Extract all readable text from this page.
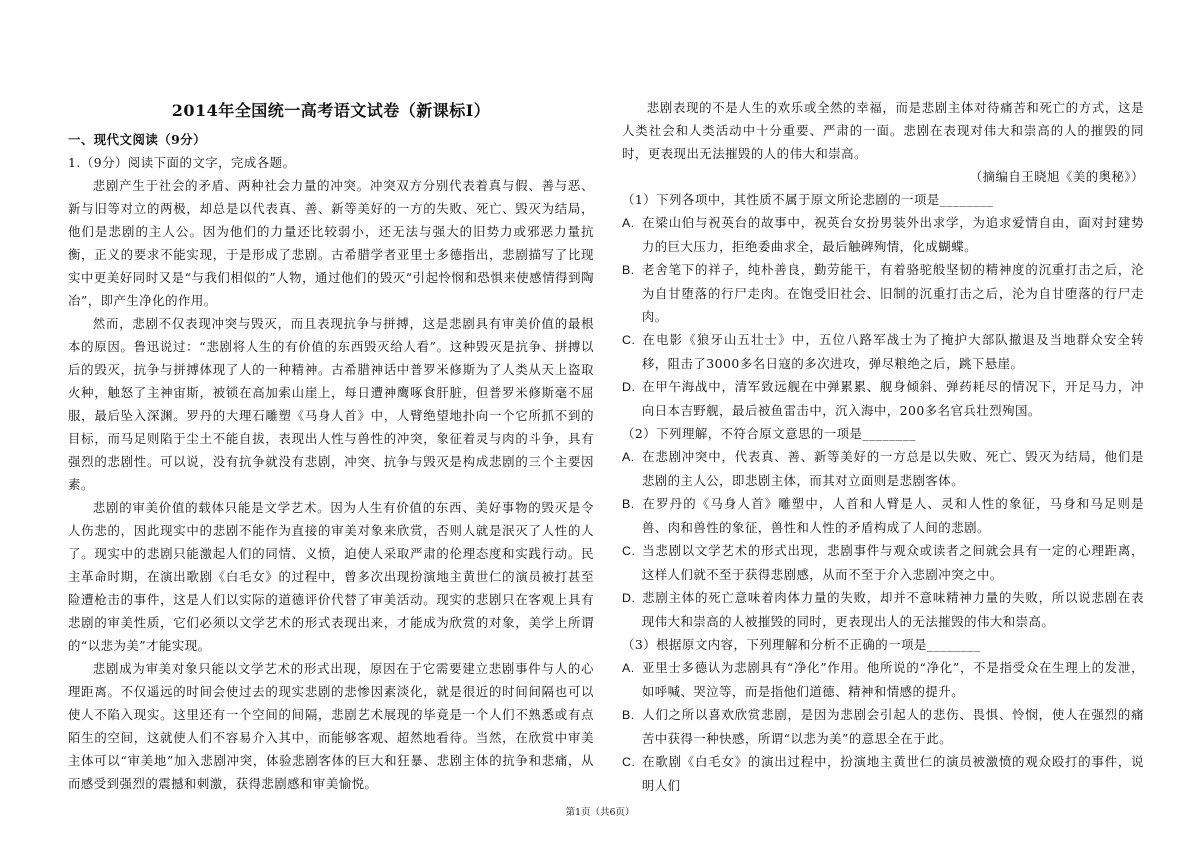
2014年全国统一高考语文试卷（新课标Ⅰ）

一、现代文阅读（9分）

1.（9分）阅读下面的文字，完成各题。

悲剧产生于社会的矛盾、两种社会力量的冲突。冲突双方分别代表着真与假、善与恶、新与旧等对立的两极，却总是以代表真、善、新等美好的一方的失败、死亡、毁灭为结局，他们是悲剧的主人公。因为他们的力量还比较弱小，还无法与强大的旧势力或邪恶力量抗衡，正义的要求不能实现，于是形成了悲剧。古希腊学者亚里士多德指出，悲剧描写了比现实中更美好同时又是“与我们相似的”人物，通过他们的毁灭“引起怜悯和恐惧来使感情得到陶冶”，即产生净化的作用。

然而，悲剧不仅表现冲突与毁灭，而且表现抗争与拼搏，这是悲剧具有审美价值的最根本的原因。鲁迅说过：“悲剧将人生的有价值的东西毁灭给人看”。这种毁灭是抗争、拼搏以后的毁灭，抗争与拼搏体现了人的一种精神。古希腊神话中普罗米修斯为了人类从天上盗取火种，触怒了主神宙斯，被锁在高加索山崖上，每日遭神鹰啄食肝脏，但普罗米修斯毫不屈服，最后坠入深渊。罗丹的大理石雕塑《马身人首》中，人臂绝望地扑向一个它所抓不到的目标，而马足则陷于尘土不能自拔，表现出人性与兽性的冲突，象征着灵与肉的斗争，具有强烈的悲剧性。可以说，没有抗争就没有悲剧，冲突、抗争与毁灭是构成悲剧的三个主要因素。

悲剧的审美价值的载体只能是文学艺术。因为人生有价值的东西、美好事物的毁灭是令人伤悲的，因此现实中的悲剧不能作为直接的审美对象来欣赏，否则人就是泯灭了人性的人了。现实中的悲剧只能激起人们的同情、义愤，迫使人采取严肃的伦理态度和实践行动。民主革命时期，在演出歌剧《白毛女》的过程中，曾多次出现扮演地主黄世仁的演员被打甚至险遭枪击的事件，这是人们以实际的道德评价代替了审美活动。现实的悲剧只在客观上具有悲剧的审美性质，它们必须以文学艺术的形式表现出来，才能成为欣赏的对象，美学上所谓的“以悲为美”才能实现。

悲剧成为审美对象只能以文学艺术的形式出现，原因在于它需要建立悲剧事件与人的心理距离。不仅遥远的时间会使过去的现实悲剧的悲惨因素淡化，就是很近的时间间隔也可以使人不陷入现实。这里还有一个空间的间隔，悲剧艺术展现的毕竟是一个人们不熟悉或有点陌生的空间，这就使人们不容易介入其中，而能够客观、超然地看待。当然，在欣赏中审美主体可以“审美地”加入悲剧冲突，体验悲剧客体的巨大和狂暴、悲剧主体的抗争和悲痛，从而感受到强烈的震撼和刺激，获得悲剧感和审美愉悦。

悲剧表现的不是人生的欢乐或全然的幸福，而是悲剧主体对待痛苦和死亡的方式，这是人类社会和人类活动中十分重要、严肃的一面。悲剧在表现对伟大和崇高的人的摧毁的同时，更表现出无法摧毁的人的伟大和崇高。

（摘编自王晓旭《美的奥秘》）

（1）下列各项中，其性质不属于原文所论悲剧的一项是________

A. 在梁山伯与祝英台的故事中，祝英台女扮男装外出求学，为追求爱情自由，面对封建势力的巨大压力，拒绝委曲求全，最后触碑殉情，化成蝴蝶。

B. 老舍笔下的祥子，纯朴善良，勤劳能干，有着骆驼般坚韧的精神度的沉重打击之后，沦为自甘堕落的行尸走肉。在饱受旧社会、旧制的沉重打击之后，沦为自甘堕落的行尸走肉。

C. 在电影《狼牙山五壮士》中，五位八路军战士为了掩护大部队撤退及当地群众安全转移，阻击了3000多名日寇的多次进攻，弹尽粮绝之后，跳下悬崖。

D. 在甲午海战中，清军致远舰在中弹累累、舰身倾斜、弹药耗尽的情况下，开足马力，冲向日本吉野舰，最后被鱼雷击中，沉入海中，200多名官兵壮烈殉国。

（2）下列理解，不符合原文意思的一项是________

A. 在悲剧冲突中，代表真、善、新等美好的一方总是以失败、死亡、毁灭为结局，他们是悲剧的主人公，即悲剧主体，而其对立面则是悲剧客体。

B. 在罗丹的《马身人首》雕塑中，人首和人臂是人、灵和人性的象征，马身和马足则是兽、肉和兽性的象征，兽性和人性的矛盾构成了人间的悲剧。

C. 当悲剧以文学艺术的形式出现，悲剧事件与观众或读者之间就会具有一定的心理距离，这样人们就不至于获得悲剧感，从而不至于介入悲剧冲突之中。

D. 悲剧主体的死亡意味着肉体力量的失败，却并不意味精神力量的失败，所以说悲剧在表现伟大和崇高的人被摧毁的同时，更表现出人的无法摧毁的伟大和崇高。

（3）根据原文内容，下列理解和分析不正确的一项是________

A. 亚里士多德认为悲剧具有“净化”作用。他所说的“净化”，不是指受众在生理上的发泄，如呼喊、哭泣等，而是指他们道德、精神和情感的提升。

B. 人们之所以喜欢欣赏悲剧，是因为悲剧会引起人的悲伤、畏惧、怜悯，使人在强烈的痛苦中获得一种快感，所谓“以悲为美”的意思全在于此。

C. 在歌剧《白毛女》的演出过程中，扮演地主黄世仁的演员被激愤的观众殴打的事件，说明人们

第1页（共6页）
